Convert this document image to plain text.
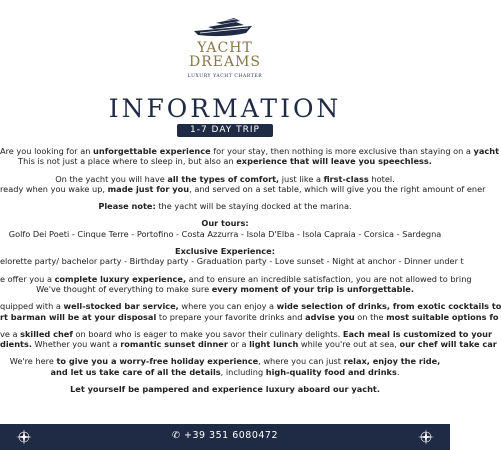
YACHT
DREAMS
LUXURY YACHT CHARTER
INFORMATION
1-7 DAY TRIP
Are you looking for an unforgettable experience for your stay, then nothing is more exclusive than staying on a yacht
This is not just a place where to sleep in, but also an experience that will leave you speechless.
On the yacht you will have all the types of comfort, just like a first-class hotel.
ready when you wake up, made just for you, and served on a set table, which will give you the right amount of ener
Please note: the yacht will be staying docked at the marina.
Our tours:
Golfo Dei Poeti - Cinque Terre - Portofino - Costa Azzurra - Isola D'Elba - Isola Capraia - Corsica - Sardegna
Exclusive Experience:
elorette party/ bachelor party - Birthday party - Graduation party - Love sunset - Night at anchor - Dinner under t
e offer you a complete luxury experience, and to ensure an incredible satisfaction, you are not allowed to bring
We've thought of everything to make sure every moment of your trip is unforgettable.
quipped with a well-stocked bar service, where you can enjoy a wide selection of drinks, from exotic cocktails to
rt barman will be at your disposal to prepare your favorite drinks and advise you on the most suitable options fo
ve a skilled chef on board who is eager to make you savor their culinary delights. Each meal is customized to your
dients. Whether you want a romantic sunset dinner or a light lunch while you're out at sea, our chef will take car
We're here to give you a worry-free holiday experience, where you can just relax, enjoy the ride,
and let us take care of all the details, including high-quality food and drinks.
Let yourself be pampered and experience luxury aboard our yacht.
✆ +39 351 6080472
